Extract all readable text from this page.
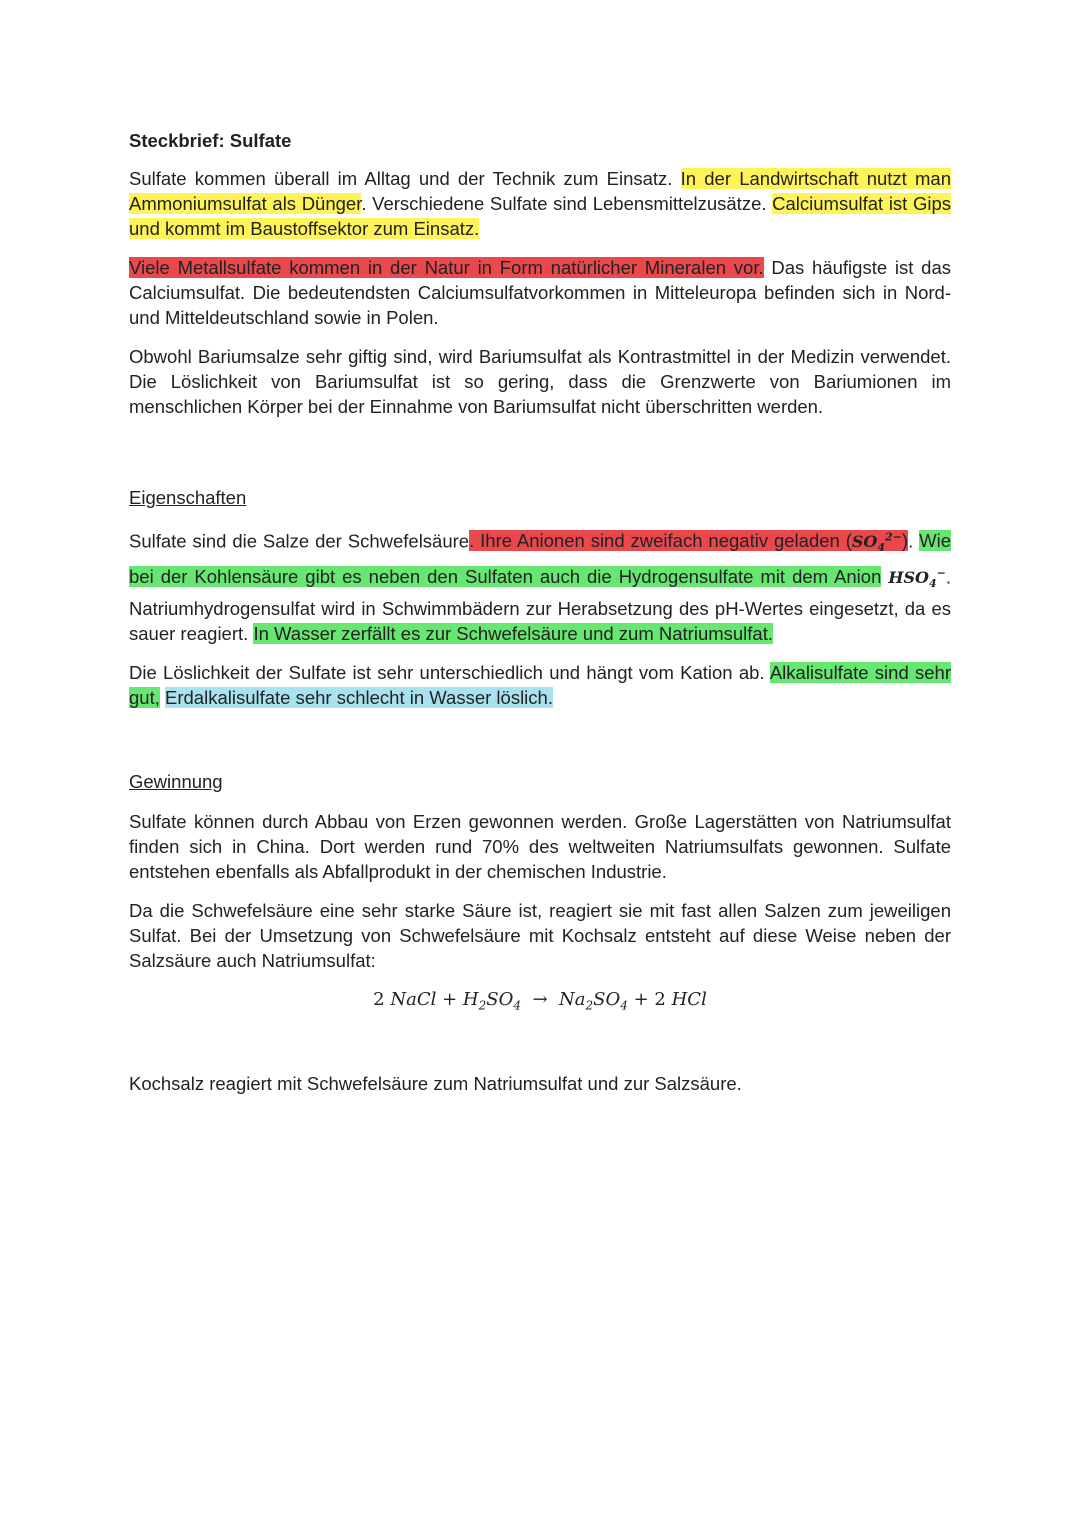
Steckbrief: Sulfate

Sulfate kommen überall im Alltag und der Technik zum Einsatz. In der Landwirtschaft nutzt man Ammoniumsulfat als Dünger. Verschiedene Sulfate sind Lebensmittelzusätze. Calciumsulfat ist Gips und kommt im Baustoffsektor zum Einsatz.

Viele Metallsulfate kommen in der Natur in Form natürlicher Mineralen vor. Das häufigste ist das Calciumsulfat. Die bedeutendsten Calciumsulfatvorkommen in Mitteleuropa befinden sich in Nord- und Mitteldeutschland sowie in Polen.

Obwohl Bariumsalze sehr giftig sind, wird Bariumsulfat als Kontrastmittel in der Medizin verwendet. Die Löslichkeit von Bariumsulfat ist so gering, dass die Grenzwerte von Bariumionen im menschlichen Körper bei der Einnahme von Bariumsulfat nicht überschritten werden.

Eigenschaften

Sulfate sind die Salze der Schwefelsäure. Ihre Anionen sind zweifach negativ geladen $(SO_4^{2-})$. Wie bei der Kohlensäure gibt es neben den Sulfaten auch die Hydrogensulfate mit dem Anion $HSO_4^-$. Natriumhydrogensulfat wird in Schwimmbädern zur Herabsetzung des pH-Wertes eingesetzt, da es sauer reagiert. In Wasser zerfällt es zur Schwefelsäure und zum Natriumsulfat.

Die Löslichkeit der Sulfate ist sehr unterschiedlich und hängt vom Kation ab. Alkalisulfate sind sehr gut, Erdalkalisulfate sehr schlecht in Wasser löslich.

Gewinnung

Sulfate können durch Abbau von Erzen gewonnen werden. Große Lagerstätten von Natriumsulfat finden sich in China. Dort werden rund 70% des weltweiten Natriumsulfats gewonnen. Sulfate entstehen ebenfalls als Abfallprodukt in der chemischen Industrie.

Da die Schwefelsäure eine sehr starke Säure ist, reagiert sie mit fast allen Salzen zum jeweiligen Sulfat. Bei der Umsetzung von Schwefelsäure mit Kochsalz entsteht auf diese Weise neben der Salzsäure auch Natriumsulfat:

2 NaCl + $H_2SO_4 \to Na_2SO_4 + 2$ HCl

Kochsalz reagiert mit Schwefelsäure zum Natriumsulfat und zur Salzsäure.
